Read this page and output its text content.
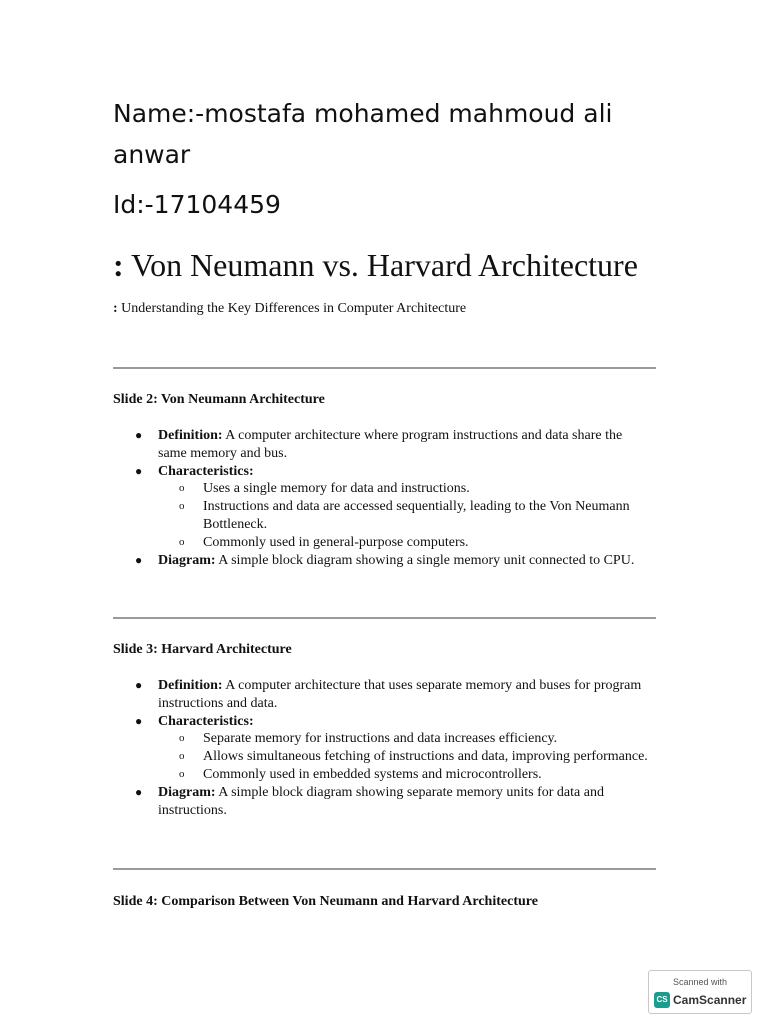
Name:-mostafa mohamed mahmoud ali anwar
Id:-17104459
: Von Neumann vs. Harvard Architecture
: Understanding the Key Differences in Computer Architecture
Slide 2: Von Neumann Architecture
● Definition: A computer architecture where program instructions and data share the same memory and bus.
● Characteristics:
o Uses a single memory for data and instructions.
o Instructions and data are accessed sequentially, leading to the Von Neumann Bottleneck.
o Commonly used in general-purpose computers.
● Diagram: A simple block diagram showing a single memory unit connected to CPU.
Slide 3: Harvard Architecture
● Definition: A computer architecture that uses separate memory and buses for program instructions and data.
● Characteristics:
o Separate memory for instructions and data increases efficiency.
o Allows simultaneous fetching of instructions and data, improving performance.
o Commonly used in embedded systems and microcontrollers.
● Diagram: A simple block diagram showing separate memory units for data and instructions.
Slide 4: Comparison Between Von Neumann and Harvard Architecture
Scanned with
CS CamScanner
